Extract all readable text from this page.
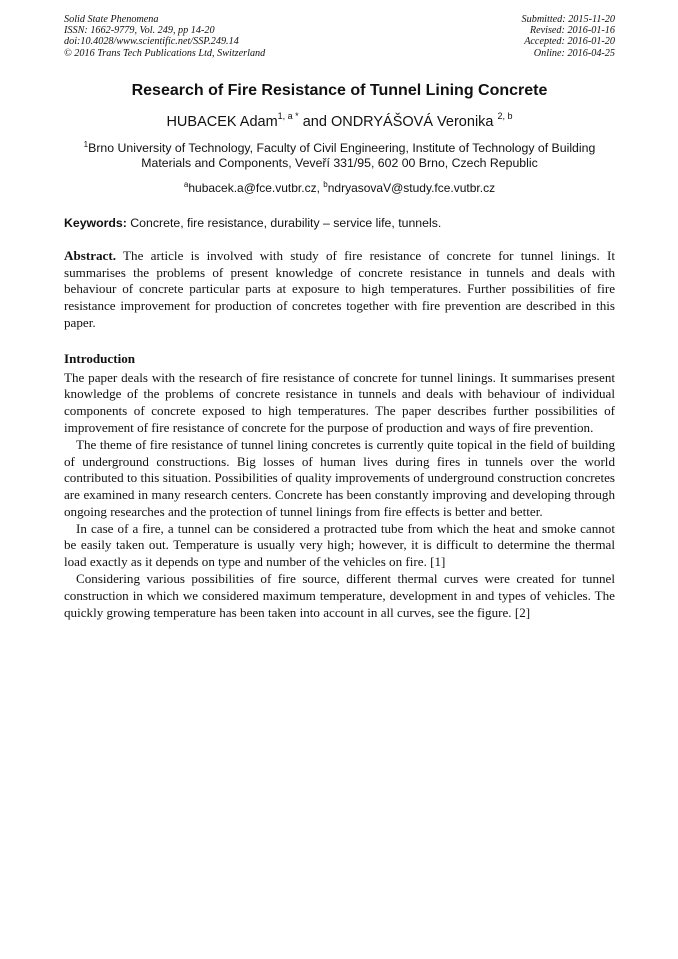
Solid State Phenomena
ISSN: 1662-9779, Vol. 249, pp 14-20
doi:10.4028/www.scientific.net/SSP.249.14
© 2016 Trans Tech Publications Ltd, Switzerland
Submitted: 2015-11-20
Revised: 2016-01-16
Accepted: 2016-01-20
Online: 2016-04-25
Research of Fire Resistance of Tunnel Lining Concrete
HUBACEK Adam$^{1, a *}$ and ONDRYÁŠOVÁ Veronika $^{2, b}$
$^1$Brno University of Technology, Faculty of Civil Engineering, Institute of Technology of Building
Materials and Components, Veveří 331/95, 602 00 Brno, Czech Republic
$^a$hubacek.a@fce.vutbr.cz, $^b$ndryasovaV@study.fce.vutbr.cz
Keywords: Concrete, fire resistance, durability – service life, tunnels.
Abstract. The article is involved with study of fire resistance of concrete for tunnel linings. It summarises the problems of present knowledge of concrete resistance in tunnels and deals with behaviour of concrete particular parts at exposure to high temperatures. Further possibilities of fire resistance improvement for production of concretes together with fire prevention are described in this paper.
Introduction

The paper deals with the research of fire resistance of concrete for tunnel linings. It summarises present knowledge of the problems of concrete resistance in tunnels and deals with behaviour of individual components of concrete exposed to high temperatures. The paper describes further possibilities of improvement of fire resistance of concrete for the purpose of production and ways of fire prevention.

The theme of fire resistance of tunnel lining concretes is currently quite topical in the field of building of underground constructions. Big losses of human lives during fires in tunnels over the world contributed to this situation. Possibilities of quality improvements of underground construction concretes are examined in many research centers. Concrete has been constantly improving and developing through ongoing researches and the protection of tunnel linings from fire effects is better and better.

In case of a fire, a tunnel can be considered a protracted tube from which the heat and smoke cannot be easily taken out. Temperature is usually very high; however, it is difficult to determine the thermal load exactly as it depends on type and number of the vehicles on fire. [1]

Considering various possibilities of fire source, different thermal curves were created for tunnel construction in which we considered maximum temperature, development in and types of vehicles. The quickly growing temperature has been taken into account in all curves, see the figure. [2]
